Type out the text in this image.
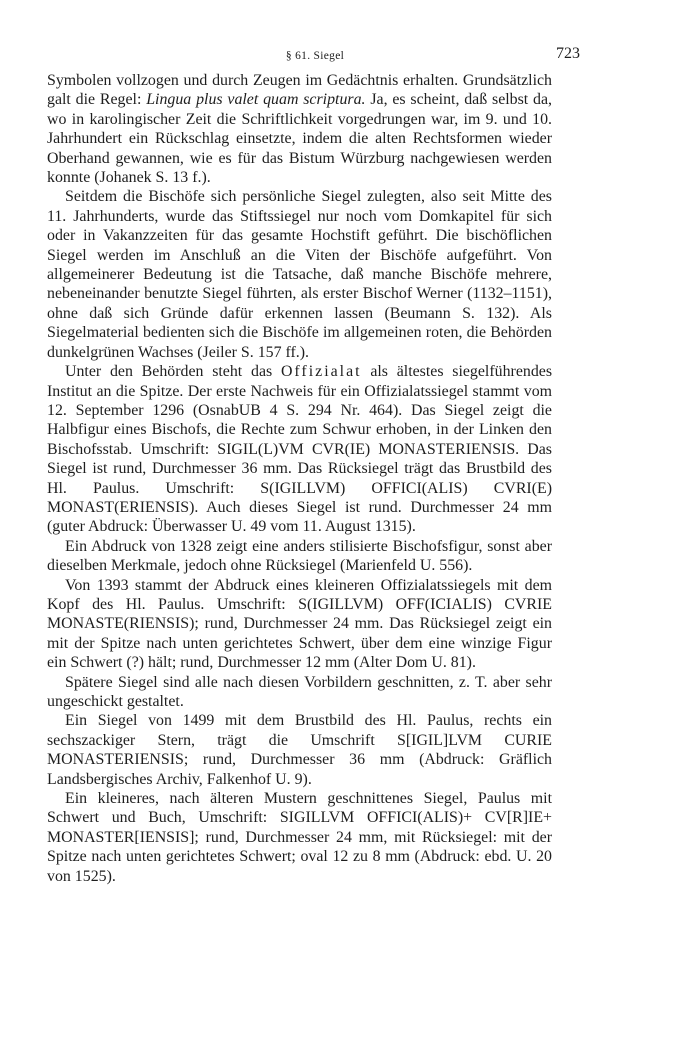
§ 61. Siegel	723

Symbolen vollzogen und durch Zeugen im Gedächtnis erhalten. Grundsätzlich galt die Regel: Lingua plus valet quam scriptura. Ja, es scheint, daß selbst da, wo in karolingischer Zeit die Schriftlichkeit vorgedrungen war, im 9. und 10. Jahrhundert ein Rückschlag einsetzte, indem die alten Rechtsformen wieder Oberhand gewannen, wie es für das Bistum Würzburg nachgewiesen werden konnte (Johanek S. 13 f.).

Seitdem die Bischöfe sich persönliche Siegel zulegten, also seit Mitte des 11. Jahrhunderts, wurde das Stiftssiegel nur noch vom Domkapitel für sich oder in Vakanzzeiten für das gesamte Hochstift geführt. Die bischöflichen Siegel werden im Anschluß an die Viten der Bischöfe aufgeführt. Von allgemeinerer Bedeutung ist die Tatsache, daß manche Bischöfe mehrere, nebeneinander benutzte Siegel führten, als erster Bischof Werner (1132–1151), ohne daß sich Gründe dafür erkennen lassen (Beumann S. 132). Als Siegelmaterial bedienten sich die Bischöfe im allgemeinen roten, die Behörden dunkelgrünen Wachses (Jeiler S. 157 ff.).

Unter den Behörden steht das Offizialat als ältestes siegelführendes Institut an die Spitze. Der erste Nachweis für ein Offizialatssiegel stammt vom 12. September 1296 (OsnabUB 4 S. 294 Nr. 464). Das Siegel zeigt die Halbfigur eines Bischofs, die Rechte zum Schwur erhoben, in der Linken den Bischofsstab. Umschrift: SIGIL(L)VM CVR(IE) MONASTERIENSIS. Das Siegel ist rund, Durchmesser 36 mm. Das Rücksiegel trägt das Brustbild des Hl. Paulus. Umschrift: S(IGILLVM) OFFICI(ALIS) CVRI(E) MONAST(ERIENSIS). Auch dieses Siegel ist rund. Durchmesser 24 mm (guter Abdruck: Überwasser U. 49 vom 11. August 1315).

Ein Abdruck von 1328 zeigt eine anders stilisierte Bischofsfigur, sonst aber dieselben Merkmale, jedoch ohne Rücksiegel (Marienfeld U. 556).

Von 1393 stammt der Abdruck eines kleineren Offizialatssiegels mit dem Kopf des Hl. Paulus. Umschrift: S(IGILLVM) OFF(ICIALIS) CVRIE MONASTE(RIENSIS); rund, Durchmesser 24 mm. Das Rücksiegel zeigt ein mit der Spitze nach unten gerichtetes Schwert, über dem eine winzige Figur ein Schwert (?) hält; rund, Durchmesser 12 mm (Alter Dom U. 81).

Spätere Siegel sind alle nach diesen Vorbildern geschnitten, z. T. aber sehr ungeschickt gestaltet.

Ein Siegel von 1499 mit dem Brustbild des Hl. Paulus, rechts ein sechszackiger Stern, trägt die Umschrift S[IGIL]LVM CURIE MONASTERIENSIS; rund, Durchmesser 36 mm (Abdruck: Gräflich Landsbergisches Archiv, Falkenhof U. 9).

Ein kleineres, nach älteren Mustern geschnittenes Siegel, Paulus mit Schwert und Buch, Umschrift: SIGILLVM OFFICI(ALIS)+ CV[R]IE+ MONASTER[IENSIS]; rund, Durchmesser 24 mm, mit Rücksiegel: mit der Spitze nach unten gerichtetes Schwert; oval 12 zu 8 mm (Abdruck: ebd. U. 20 von 1525).
